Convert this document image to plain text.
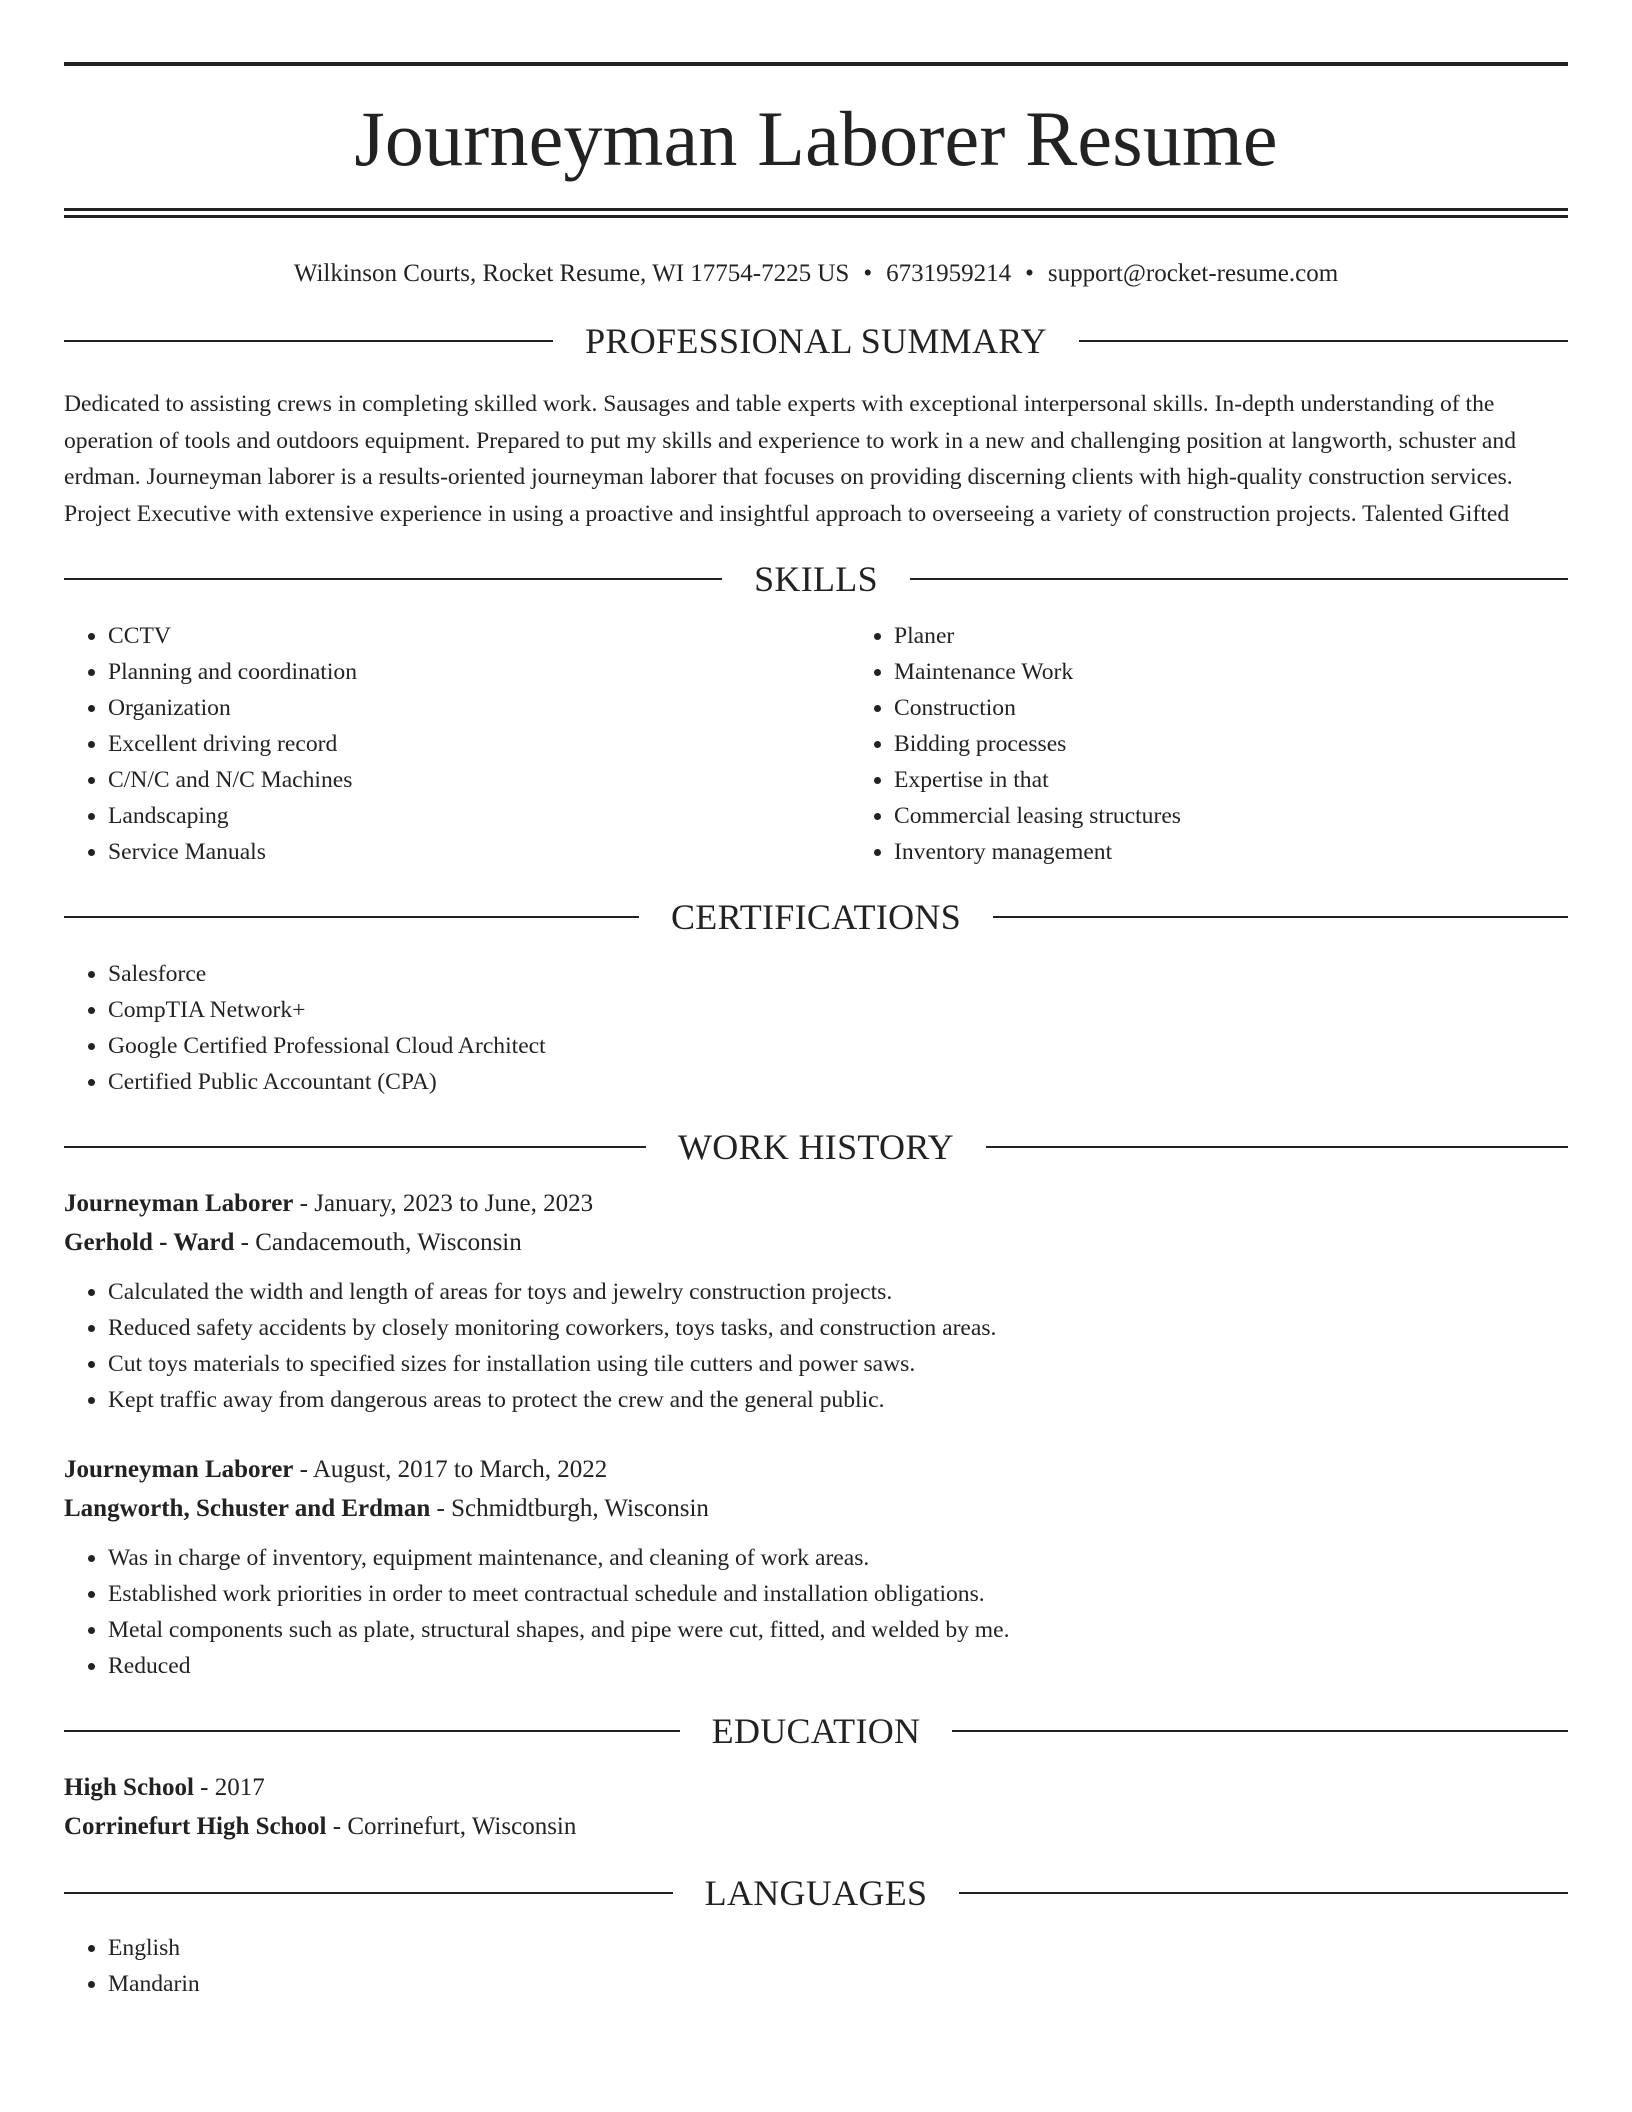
Journeyman Laborer Resume
Wilkinson Courts, Rocket Resume, WI 17754-7225 US • 6731959214 • support@rocket-resume.com
PROFESSIONAL SUMMARY

Dedicated to assisting crews in completing skilled work. Sausages and table experts with exceptional interpersonal skills. In-depth understanding of the operation of tools and outdoors equipment. Prepared to put my skills and experience to work in a new and challenging position at langworth, schuster and erdman. Journeyman laborer is a results-oriented journeyman laborer that focuses on providing discerning clients with high-quality construction services. Project Executive with extensive experience in using a proactive and insightful approach to overseeing a variety of construction projects. Talented Gifted

SKILLS
• CCTV
• Planning and coordination
• Organization
• Excellent driving record
• C/N/C and N/C Machines
• Landscaping
• Service Manuals
• Planer
• Maintenance Work
• Construction
• Bidding processes
• Expertise in that
• Commercial leasing structures
• Inventory management
CERTIFICATIONS
• Salesforce
• CompTIA Network+
• Google Certified Professional Cloud Architect
• Certified Public Accountant (CPA)
WORK HISTORY
Journeyman Laborer - January, 2023 to June, 2023
Gerhold - Ward - Candacemouth, Wisconsin
• Calculated the width and length of areas for toys and jewelry construction projects.
• Reduced safety accidents by closely monitoring coworkers, toys tasks, and construction areas.
• Cut toys materials to specified sizes for installation using tile cutters and power saws.
• Kept traffic away from dangerous areas to protect the crew and the general public.
Journeyman Laborer - August, 2017 to March, 2022
Langworth, Schuster and Erdman - Schmidtburgh, Wisconsin
• Was in charge of inventory, equipment maintenance, and cleaning of work areas.
• Established work priorities in order to meet contractual schedule and installation obligations.
• Metal components such as plate, structural shapes, and pipe were cut, fitted, and welded by me.
• Reduced
EDUCATION
High School - 2017
Corrinefurt High School - Corrinefurt, Wisconsin
LANGUAGES
• English
• Mandarin
